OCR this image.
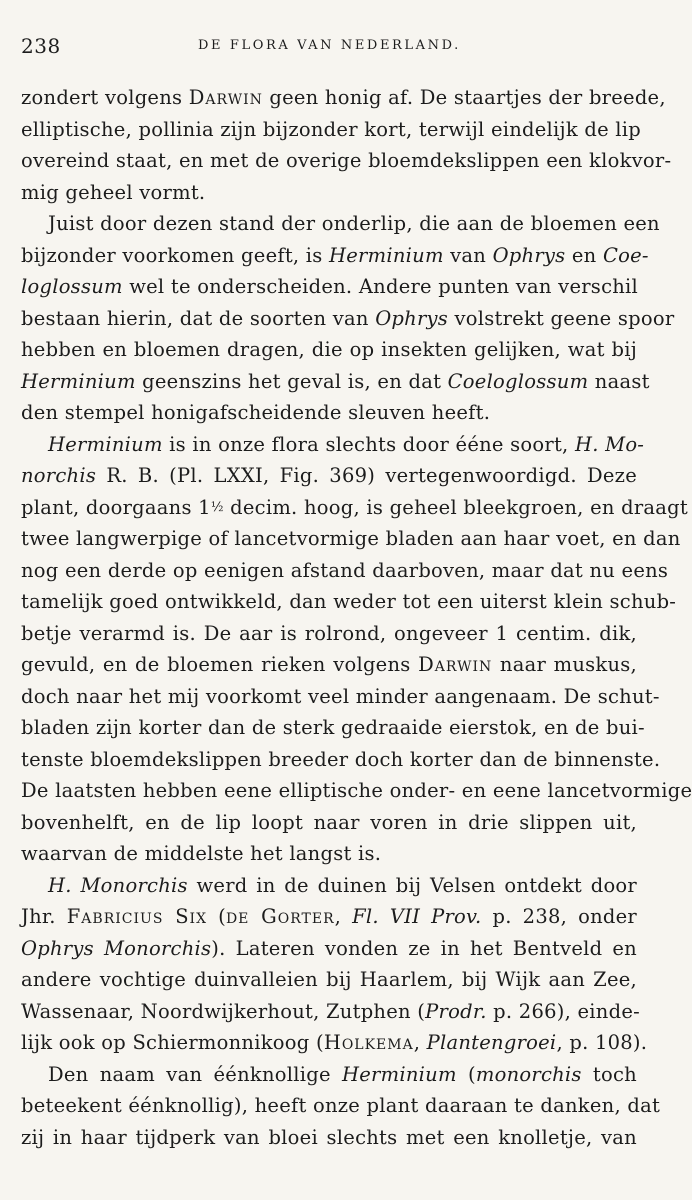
238	DE FLORA VAN NEDERLAND.
zondert volgens Darwin geen honig af. De staartjes der breede,
elliptische, pollinia zijn bijzonder kort, terwijl eindelijk de lip
overeind staat, en met de overige bloemdekslippen een klokvor-
mig geheel vormt.
Juist door dezen stand der onderlip, die aan de bloemen een
bijzonder voorkomen geeft, is Herminium van Ophrys en Coe-
loglossum wel te onderscheiden. Andere punten van verschil
bestaan hierin, dat de soorten van Ophrys volstrekt geene spoor
hebben en bloemen dragen, die op insekten gelijken, wat bij
Herminium geenszins het geval is, en dat Coeloglossum naast
den stempel honigafscheidende sleuven heeft.
Herminium is in onze flora slechts door ééne soort, H. Mo-
norchis R. B. (Pl. LXXI, Fig. 369) vertegenwoordigd. Deze
plant, doorgaans 1½ decim. hoog, is geheel bleekgroen, en draagt
twee langwerpige of lancetvormige bladen aan haar voet, en dan
nog een derde op eenigen afstand daarboven, maar dat nu eens
tamelijk goed ontwikkeld, dan weder tot een uiterst klein schub-
betje verarmd is. De aar is rolrond, ongeveer 1 centim. dik,
gevuld, en de bloemen rieken volgens Darwin naar muskus,
doch naar het mij voorkomt veel minder aangenaam. De schut-
bladen zijn korter dan de sterk gedraaide eierstok, en de bui-
tenste bloemdekslippen breeder doch korter dan de binnenste.
De laatsten hebben eene elliptische onder- en eene lancetvormige
bovenhelft, en de lip loopt naar voren in drie slippen uit,
waarvan de middelste het langst is.
H. Monorchis werd in de duinen bij Velsen ontdekt door
Jhr. Fabricius Six (de Gorter, Fl. VII Prov. p. 238, onder
Ophrys Monorchis). Lateren vonden ze in het Bentveld en
andere vochtige duinvalleien bij Haarlem, bij Wijk aan Zee,
Wassenaar, Noordwijkerhout, Zutphen (Prodr. p. 266), einde-
lijk ook op Schiermonnikoog (Holkema, Plantengroei, p. 108).
Den naam van éénknollige Herminium (monorchis toch
beteekent éénknollig), heeft onze plant daaraan te danken, dat
zij in haar tijdperk van bloei slechts met een knolletje, van
